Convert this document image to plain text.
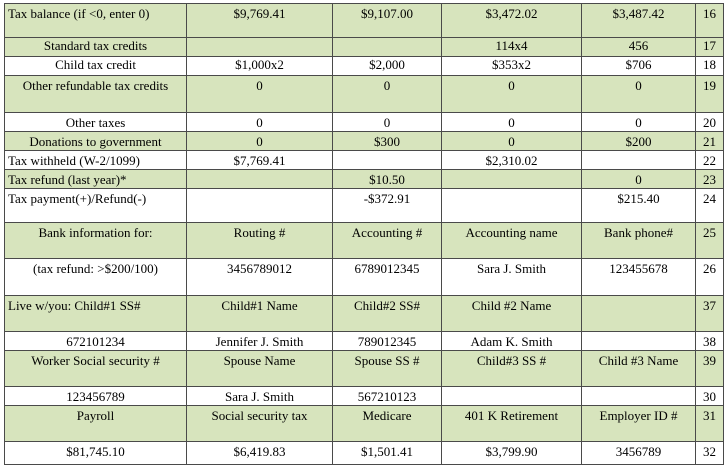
Tax balance (if <0, enter 0)	$9,769.41	$9,107.00	$3,472.02	$3,487.42	16
Standard tax credits			114x4	456	17
Child tax credit	$1,000x2	$2,000	$353x2	$706	18
Other refundable tax credits	0	0	0	0	19
Other taxes	0	0	0	0	20
Donations to government	0	$300	0	$200	21
Tax withheld (W-2/1099)	$7,769.41		$2,310.02		22
Tax refund (last year)*		$10.50		0	23
Tax payment(+)/Refund(-)		-$372.91		$215.40	24
Bank information for:	Routing #	Accounting #	Accounting name	Bank phone#	25
(tax refund: >$200/100)	3456789012	6789012345	Sara J. Smith	123455678	26
Live w/you: Child#1 SS#	Child#1 Name	Child#2 SS#	Child #2 Name		37
672101234	Jennifer J. Smith	789012345	Adam K. Smith		38
Worker Social security #	Spouse Name	Spouse SS #	Child#3 SS #	Child #3 Name	39
123456789	Sara J. Smith	567210123			30
Payroll	Social security tax	Medicare	401 K Retirement	Employer ID #	31
$81,745.10	$6,419.83	$1,501.41	$3,799.90	3456789	32
